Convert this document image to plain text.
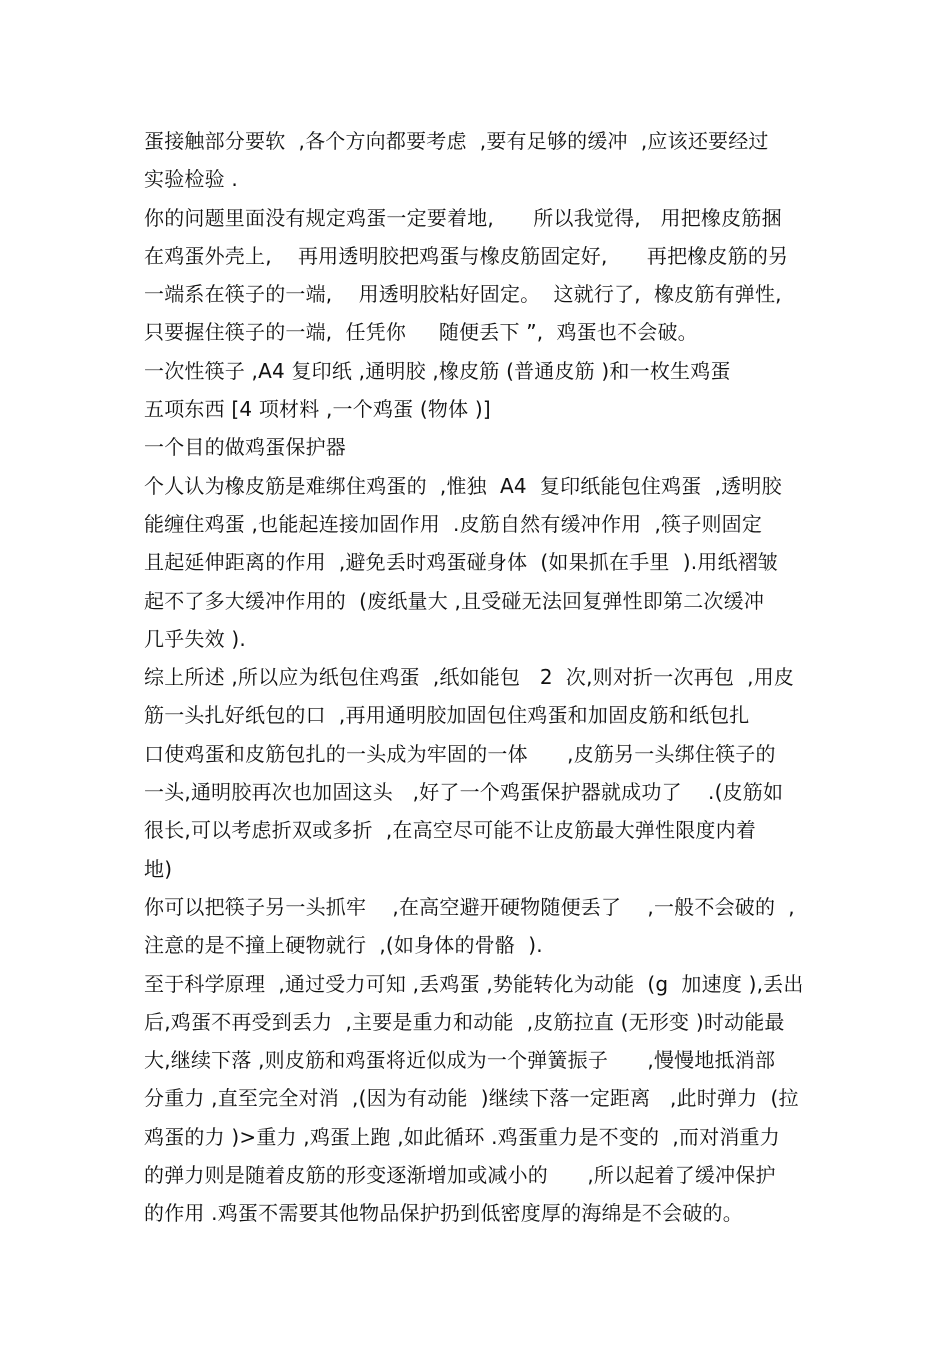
蛋接触部分要软  ,各个方向都要考虑  ,要有足够的缓冲  ,应该还要经过
实验检验 .
你的问题里面没有规定鸡蛋一定要着地,      所以我觉得,   用把橡皮筋捆
在鸡蛋外壳上,    再用透明胶把鸡蛋与橡皮筋固定好,      再把橡皮筋的另
一端系在筷子的一端,    用透明胶粘好固定。  这就行了,  橡皮筋有弹性,
只要握住筷子的一端,  任凭你     随便丢下 ”,  鸡蛋也不会破。
一次性筷子 ,A4 复印纸 ,通明胶 ,橡皮筋 (普通皮筋 )和一枚生鸡蛋
五项东西 [4 项材料 ,一个鸡蛋 (物体 )]
一个目的做鸡蛋保护器
个人认为橡皮筋是难绑住鸡蛋的  ,惟独  A4  复印纸能包住鸡蛋  ,透明胶
能缠住鸡蛋 ,也能起连接加固作用  .皮筋自然有缓冲作用  ,筷子则固定
且起延伸距离的作用  ,避免丢时鸡蛋碰身体  (如果抓在手里  ).用纸褶皱
起不了多大缓冲作用的  (废纸量大 ,且受碰无法回复弹性即第二次缓冲
几乎失效 ).
综上所述 ,所以应为纸包住鸡蛋  ,纸如能包   2  次,则对折一次再包  ,用皮
筋一头扎好纸包的口  ,再用通明胶加固包住鸡蛋和加固皮筋和纸包扎
口使鸡蛋和皮筋包扎的一头成为牢固的一体      ,皮筋另一头绑住筷子的
一头,通明胶再次也加固这头   ,好了一个鸡蛋保护器就成功了    .(皮筋如
很长,可以考虑折双或多折  ,在高空尽可能不让皮筋最大弹性限度内着
地)
你可以把筷子另一头抓牢    ,在高空避开硬物随便丢了    ,一般不会破的  ,
注意的是不撞上硬物就行  ,(如身体的骨骼  ).
至于科学原理  ,通过受力可知 ,丢鸡蛋 ,势能转化为动能  (g  加速度 ),丢出
后,鸡蛋不再受到丢力  ,主要是重力和动能  ,皮筋拉直 (无形变 )时动能最
大,继续下落 ,则皮筋和鸡蛋将近似成为一个弹簧振子      ,慢慢地抵消部
分重力 ,直至完全对消  ,(因为有动能  )继续下落一定距离   ,此时弹力  (拉
鸡蛋的力 )>重力 ,鸡蛋上跑 ,如此循环 .鸡蛋重力是不变的  ,而对消重力
的弹力则是随着皮筋的形变逐渐增加或减小的      ,所以起着了缓冲保护
的作用 .鸡蛋不需要其他物品保护扔到低密度厚的海绵是不会破的。
